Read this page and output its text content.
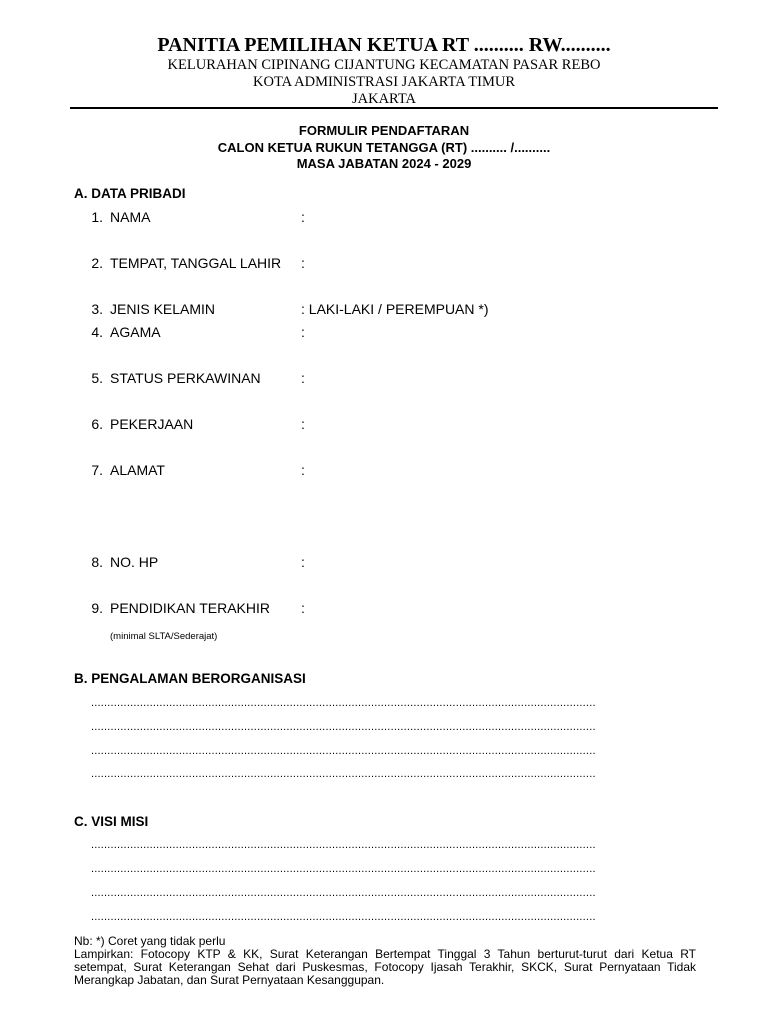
PANITIA PEMILIHAN KETUA RT .......... RW..........
KELURAHAN CIPINANG CIJANTUNG KECAMATAN PASAR REBO
KOTA ADMINISTRASI JAKARTA TIMUR
JAKARTA
FORMULIR PENDAFTARAN
CALON KETUA RUKUN TETANGGA (RT) .......... /..........
MASA JABATAN 2024 - 2029
A. DATA PRIBADI
1. NAMA	:
2. TEMPAT, TANGGAL LAHIR :
3. JENIS KELAMIN	: LAKI-LAKI / PEREMPUAN *)
4. AGAMA	:
5. STATUS PERKAWINAN	:
6. PEKERJAAN	:
7. ALAMAT	:
8. NO. HP	:
9. PENDIDIKAN TERAKHIR :
(minimal SLTA/Sederajat)
B. PENGALAMAN BERORGANISASI
...........................................................................................................................................................
...........................................................................................................................................................
...........................................................................................................................................................
...........................................................................................................................................................
C. VISI MISI
...........................................................................................................................................................
...........................................................................................................................................................
...........................................................................................................................................................
...........................................................................................................................................................

Nb: *) Coret yang tidak perlu

Lampirkan: Fotocopy KTP & KK, Surat Keterangan Bertempat Tinggal 3 Tahun berturut-turut dari Ketua RT setempat, Surat Keterangan Sehat dari Puskesmas, Fotocopy Ijasah Terakhir, SKCK, Surat Pernyataan Tidak Merangkap Jabatan, dan Surat Pernyataan Kesanggupan.
